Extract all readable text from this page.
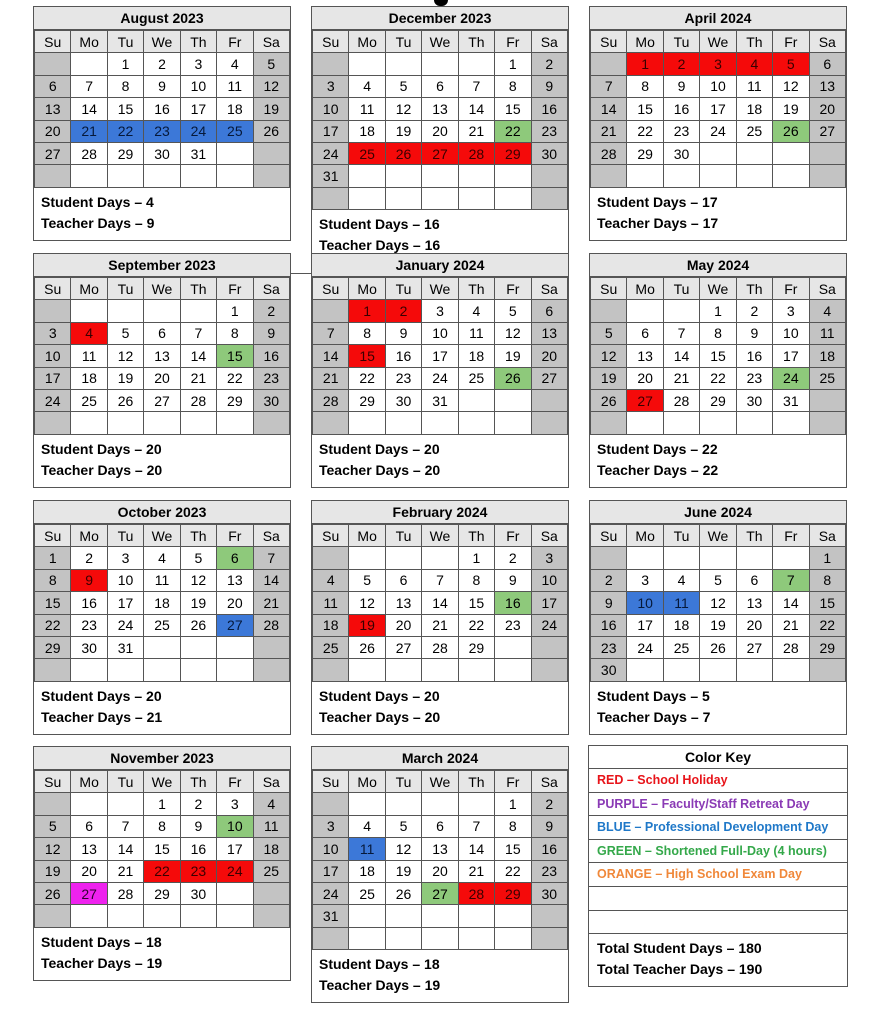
August 2023
Su	Mo	Tu	We	Th	Fr	Sa
		1	2	3	4	5
6	7	8	9	10	11	12
13	14	15	16	17	18	19
20	21	22	23	24	25	26
27	28	29	30	31		

Student Days – 4
Teacher Days – 9
December 2023
Su	Mo	Tu	We	Th	Fr	Sa
					1	2
3	4	5	6	7	8	9
10	11	12	13	14	15	16
17	18	19	20	21	22	23
24	25	26	27	28	29	30
31						

Student Days – 16
Teacher Days – 16
April 2024
Su	Mo	Tu	We	Th	Fr	Sa
	1	2	3	4	5	6
7	8	9	10	11	12	13
14	15	16	17	18	19	20
21	22	23	24	25	26	27
28	29	30				

Student Days – 17
Teacher Days – 17
September 2023
Su	Mo	Tu	We	Th	Fr	Sa
					1	2
3	4	5	6	7	8	9
10	11	12	13	14	15	16
17	18	19	20	21	22	23
24	25	26	27	28	29	30

Student Days – 20
Teacher Days – 20
January 2024
Su	Mo	Tu	We	Th	Fr	Sa
	1	2	3	4	5	6
7	8	9	10	11	12	13
14	15	16	17	18	19	20
21	22	23	24	25	26	27
28	29	30	31			

Student Days – 20
Teacher Days – 20
May 2024
Su	Mo	Tu	We	Th	Fr	Sa
			1	2	3	4
5	6	7	8	9	10	11
12	13	14	15	16	17	18
19	20	21	22	23	24	25
26	27	28	29	30	31	

Student Days – 22
Teacher Days – 22
October 2023
Su	Mo	Tu	We	Th	Fr	Sa
1	2	3	4	5	6	7
8	9	10	11	12	13	14
15	16	17	18	19	20	21
22	23	24	25	26	27	28
29	30	31				

Student Days – 20
Teacher Days – 21
February 2024
Su	Mo	Tu	We	Th	Fr	Sa
				1	2	3
4	5	6	7	8	9	10
11	12	13	14	15	16	17
18	19	20	21	22	23	24
25	26	27	28	29		

Student Days – 20
Teacher Days – 20
June 2024
Su	Mo	Tu	We	Th	Fr	Sa
						1
2	3	4	5	6	7	8
9	10	11	12	13	14	15
16	17	18	19	20	21	22
23	24	25	26	27	28	29
30						
Student Days – 5
Teacher Days – 7
November 2023
Su	Mo	Tu	We	Th	Fr	Sa
			1	2	3	4
5	6	7	8	9	10	11
12	13	14	15	16	17	18
19	20	21	22	23	24	25
26	27	28	29	30		

Student Days – 18
Teacher Days – 19
March 2024
Su	Mo	Tu	We	Th	Fr	Sa
					1	2
3	4	5	6	7	8	9
10	11	12	13	14	15	16
17	18	19	20	21	22	23
24	25	26	27	28	29	30
31						

Student Days – 18
Teacher Days – 19
Color Key
RED – School Holiday
PURPLE – Faculty/Staff Retreat Day
BLUE – Professional Development Day
GREEN – Shortened Full-Day (4 hours)
ORANGE – High School Exam Day
Total Student Days – 180
Total Teacher Days – 190
